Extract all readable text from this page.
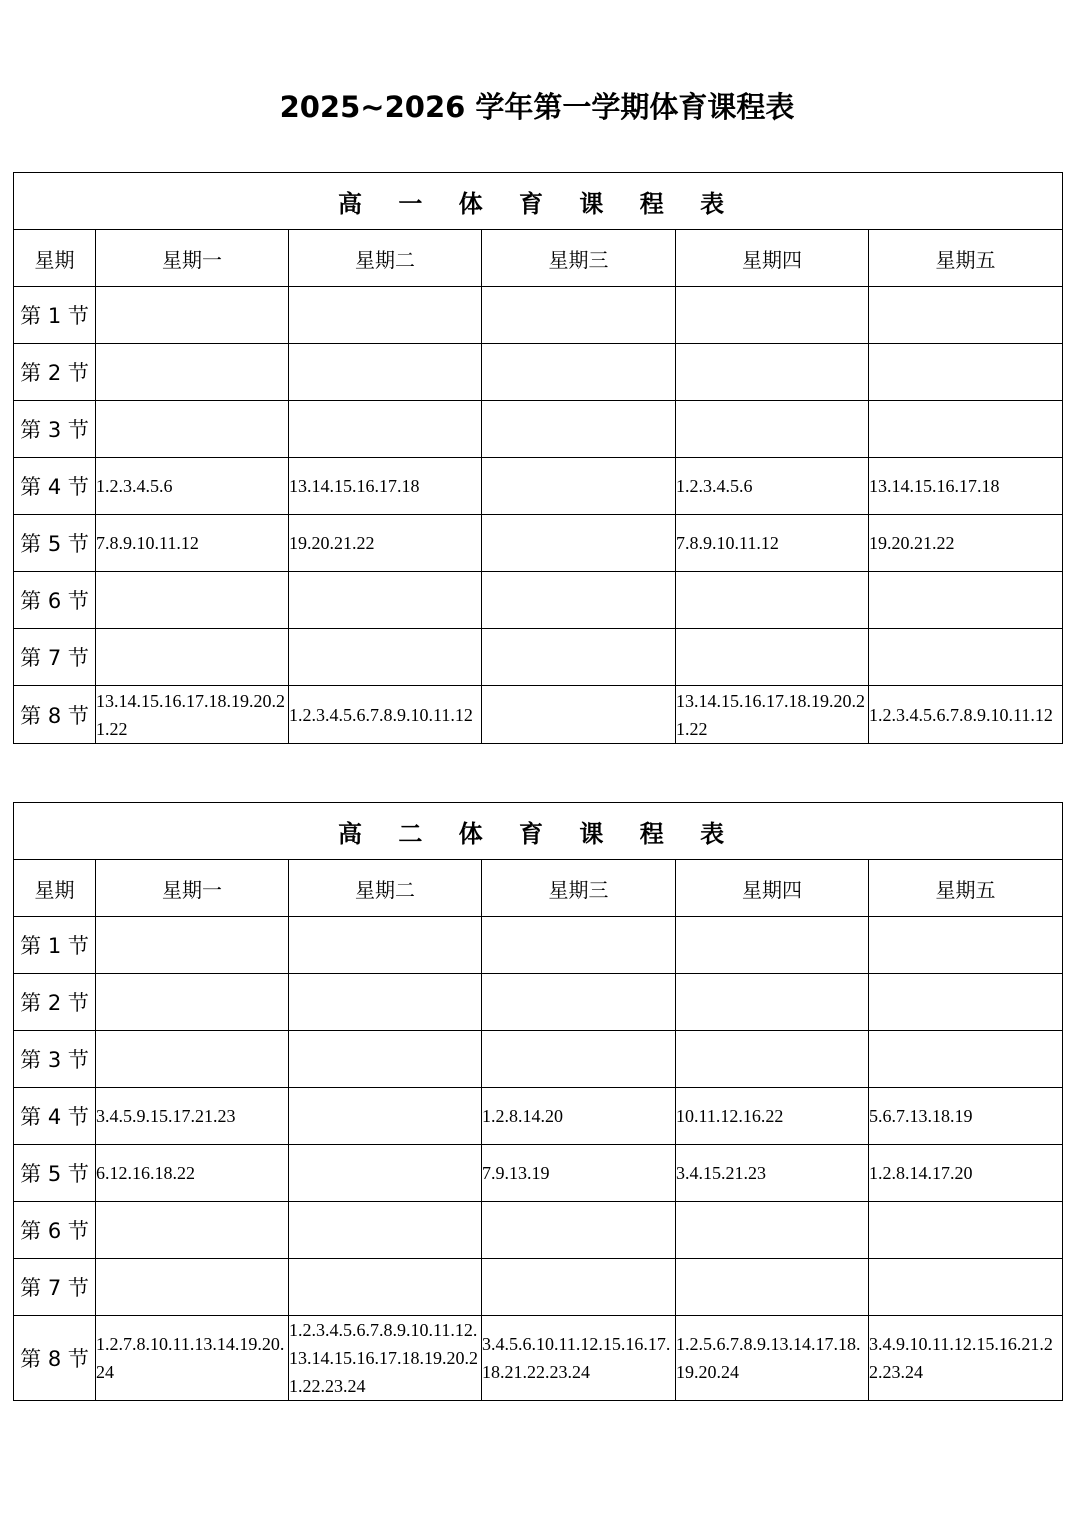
2025~2026 学年第一学期体育课程表
高 一 体 育 课 程 表					
星期	星期一	星期二	星期三	星期四	星期五
第 1 节					
第 2 节					
第 3 节					
第 4 节	1.2.3.4.5.6	13.14.15.16.17.18		1.2.3.4.5.6	13.14.15.16.17.18
第 5 节	7.8.9.10.11.12	19.20.21.22		7.8.9.10.11.12	19.20.21.22
第 6 节					
第 7 节					
第 8 节	13.14.15.16.17.18.19.20.21.22	1.2.3.4.5.6.7.8.9.10.11.12		13.14.15.16.17.18.19.20.21.22	1.2.3.4.5.6.7.8.9.10.11.12
高 二 体 育 课 程 表					
星期	星期一	星期二	星期三	星期四	星期五
第 1 节					
第 2 节					
第 3 节					
第 4 节	3.4.5.9.15.17.21.23		1.2.8.14.20	10.11.12.16.22	5.6.7.13.18.19
第 5 节	6.12.16.18.22		7.9.13.19	3.4.15.21.23	1.2.8.14.17.20
第 6 节					
第 7 节					
第 8 节	1.2.7.8.10.11.13.14.19.20.24	1.2.3.4.5.6.7.8.9.10.11.12.13.14.15.16.17.18.19.20.21.22.23.24	3.4.5.6.10.11.12.15.16.17.18.21.22.23.24	1.2.5.6.7.8.9.13.14.17.18.19.20.24	3.4.9.10.11.12.15.16.21.22.23.24
